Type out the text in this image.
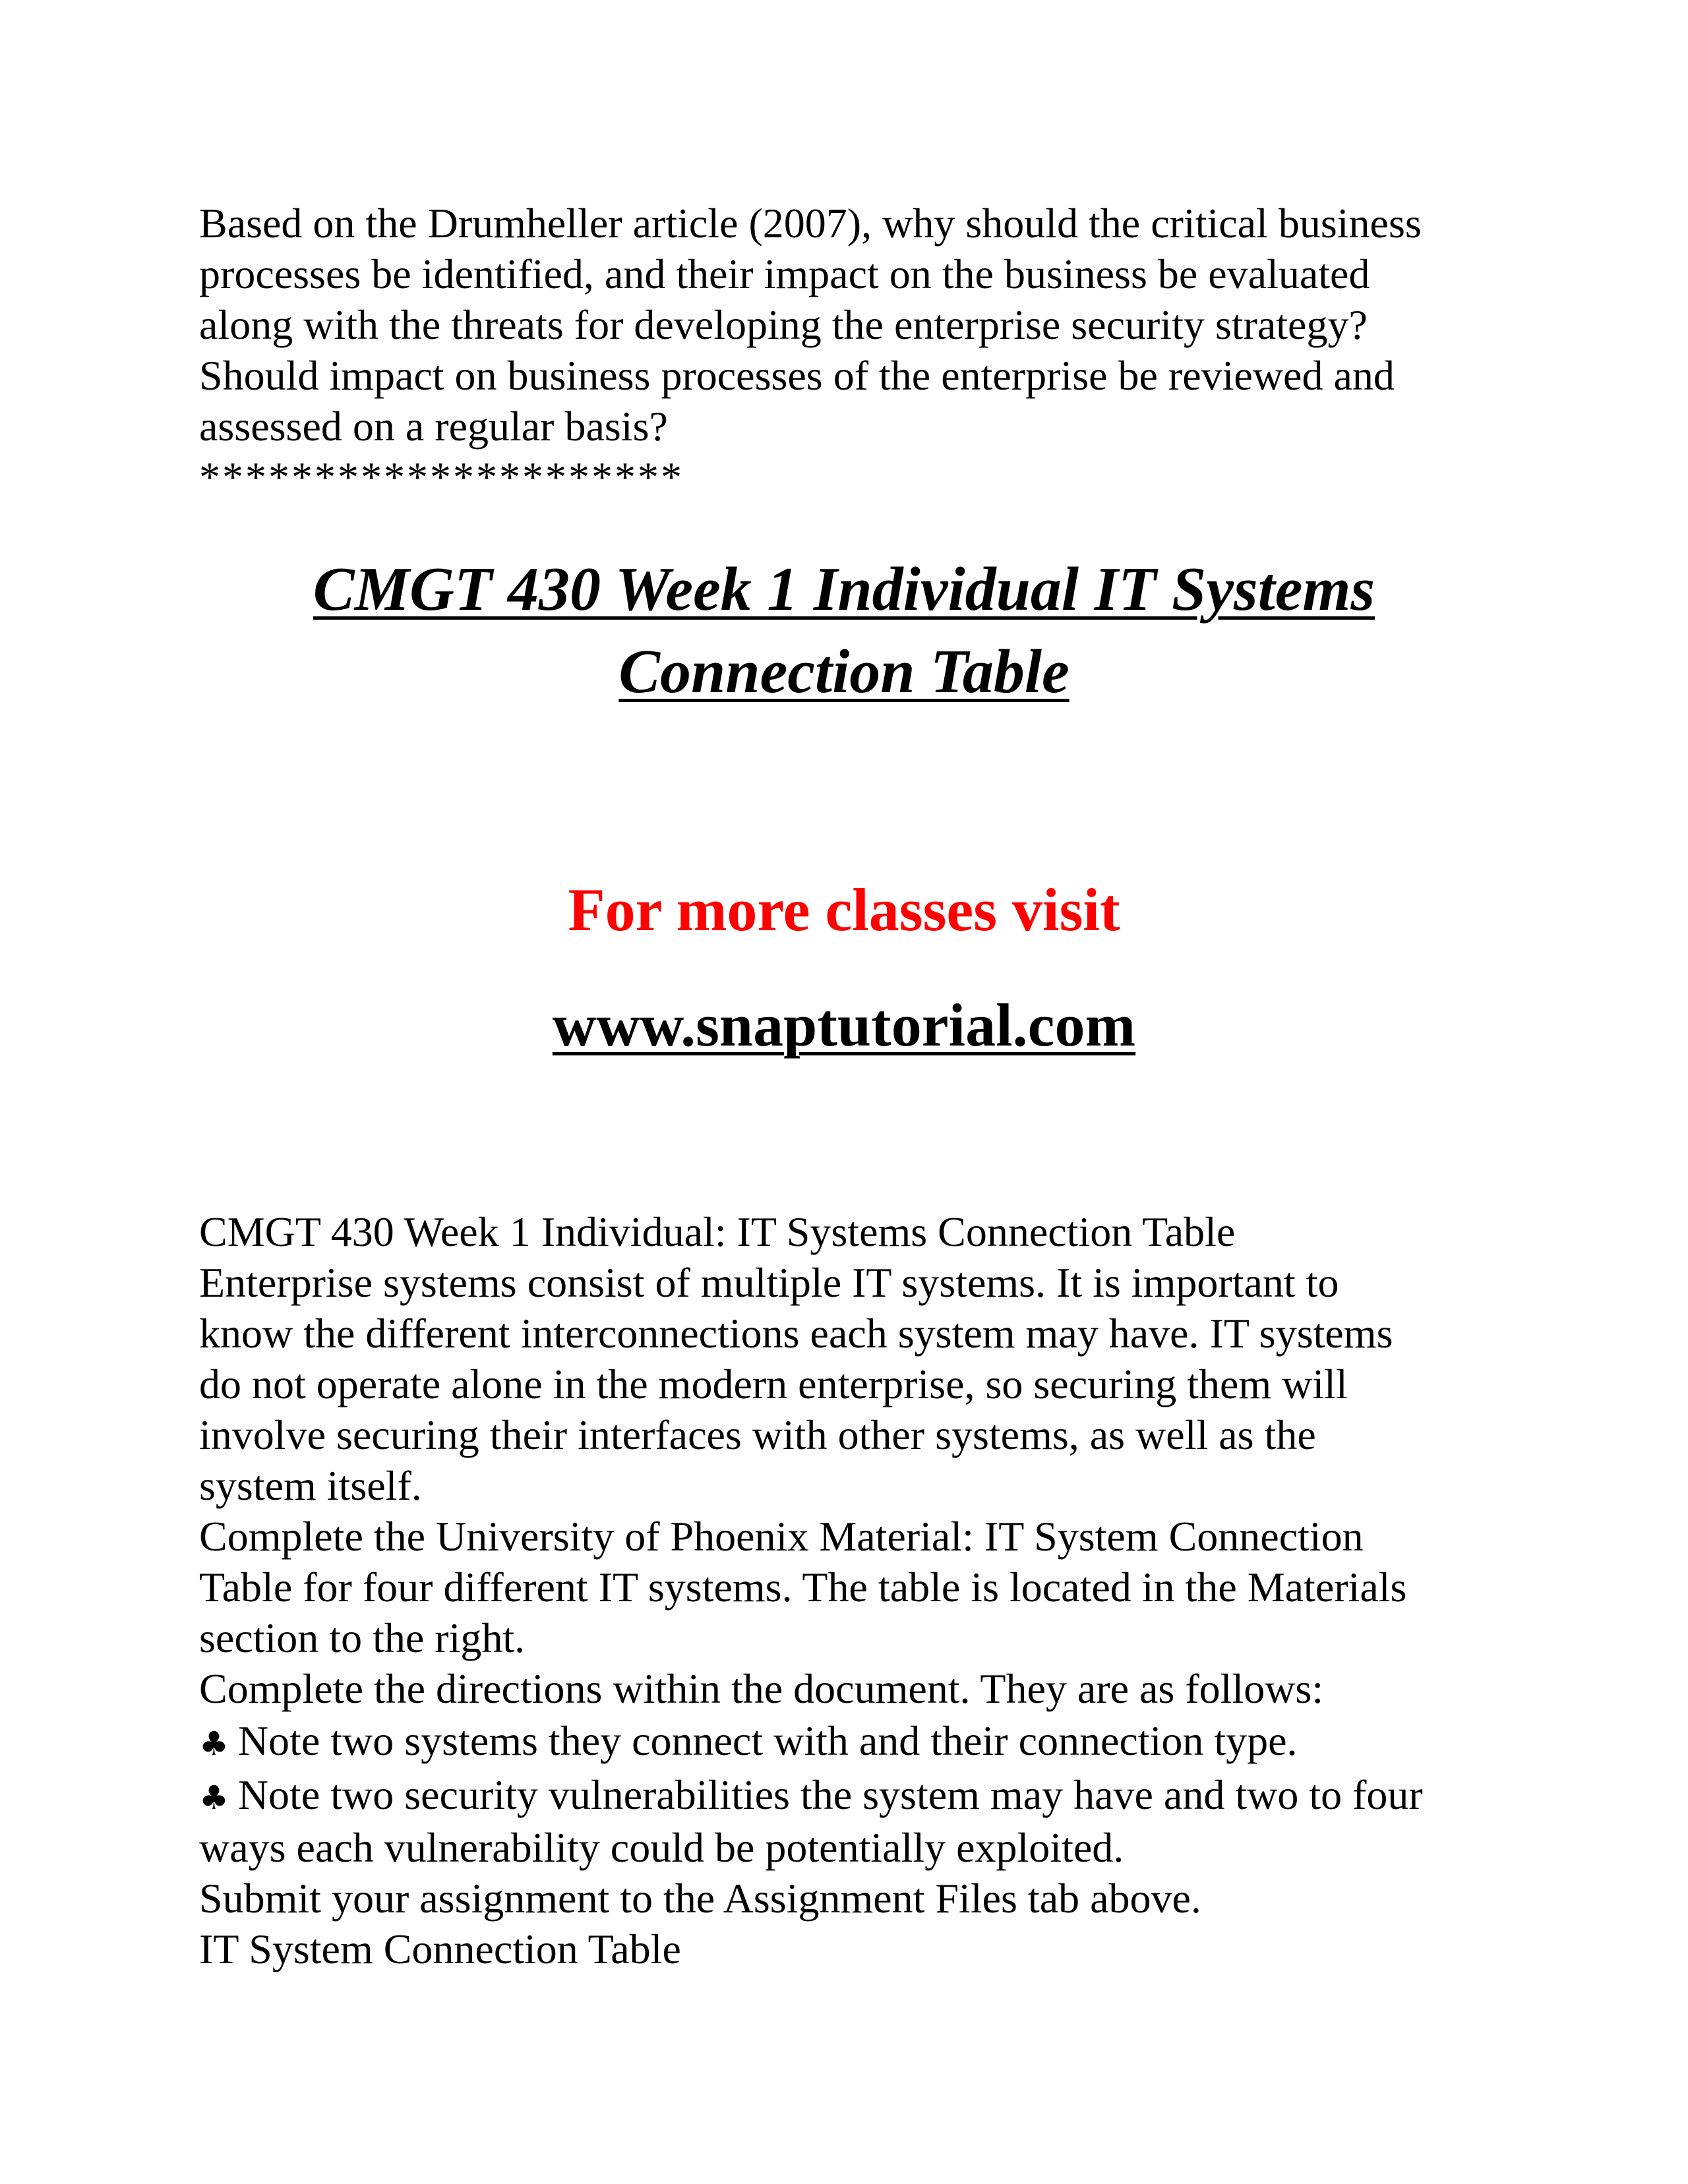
Based on the Drumheller article (2007), why should the critical business
processes be identified, and their impact on the business be evaluated
along with the threats for developing the enterprise security strategy?
Should impact on business processes of the enterprise be reviewed and
assessed on a regular basis?
*********************
CMGT 430 Week 1 Individual IT Systems
Connection Table
For more classes visit
www.snaptutorial.com
CMGT 430 Week 1 Individual: IT Systems Connection Table
Enterprise systems consist of multiple IT systems. It is important to
know the different interconnections each system may have. IT systems
do not operate alone in the modern enterprise, so securing them will
involve securing their interfaces with other systems, as well as the
system itself.
Complete the University of Phoenix Material: IT System Connection
Table for four different IT systems. The table is located in the Materials
section to the right.
Complete the directions within the document. They are as follows:
♣ Note two systems they connect with and their connection type.
♣ Note two security vulnerabilities the system may have and two to four
ways each vulnerability could be potentially exploited.
Submit your assignment to the Assignment Files tab above.
IT System Connection Table
